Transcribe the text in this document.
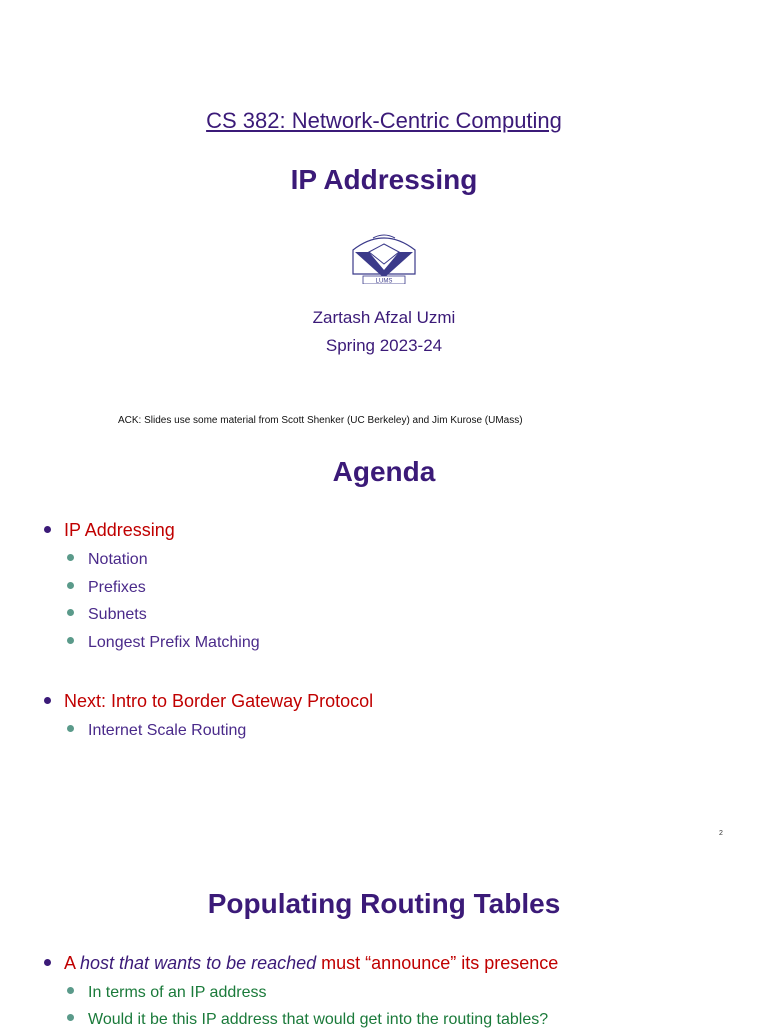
CS 382: Network-Centric Computing
IP Addressing
LUMS
Zartash Afzal Uzmi
Spring 2023-24
ACK: Slides use some material from Scott Shenker (UC Berkeley) and Jim Kurose (UMass)
Agenda
IP Addressing
Notation
Prefixes
Subnets
Longest Prefix Matching
Next: Intro to Border Gateway Protocol
Internet Scale Routing
2
Populating Routing Tables
A host that wants to be reached must “announce” its presence
In terms of an IP address
Would it be this IP address that would get into the routing tables?
